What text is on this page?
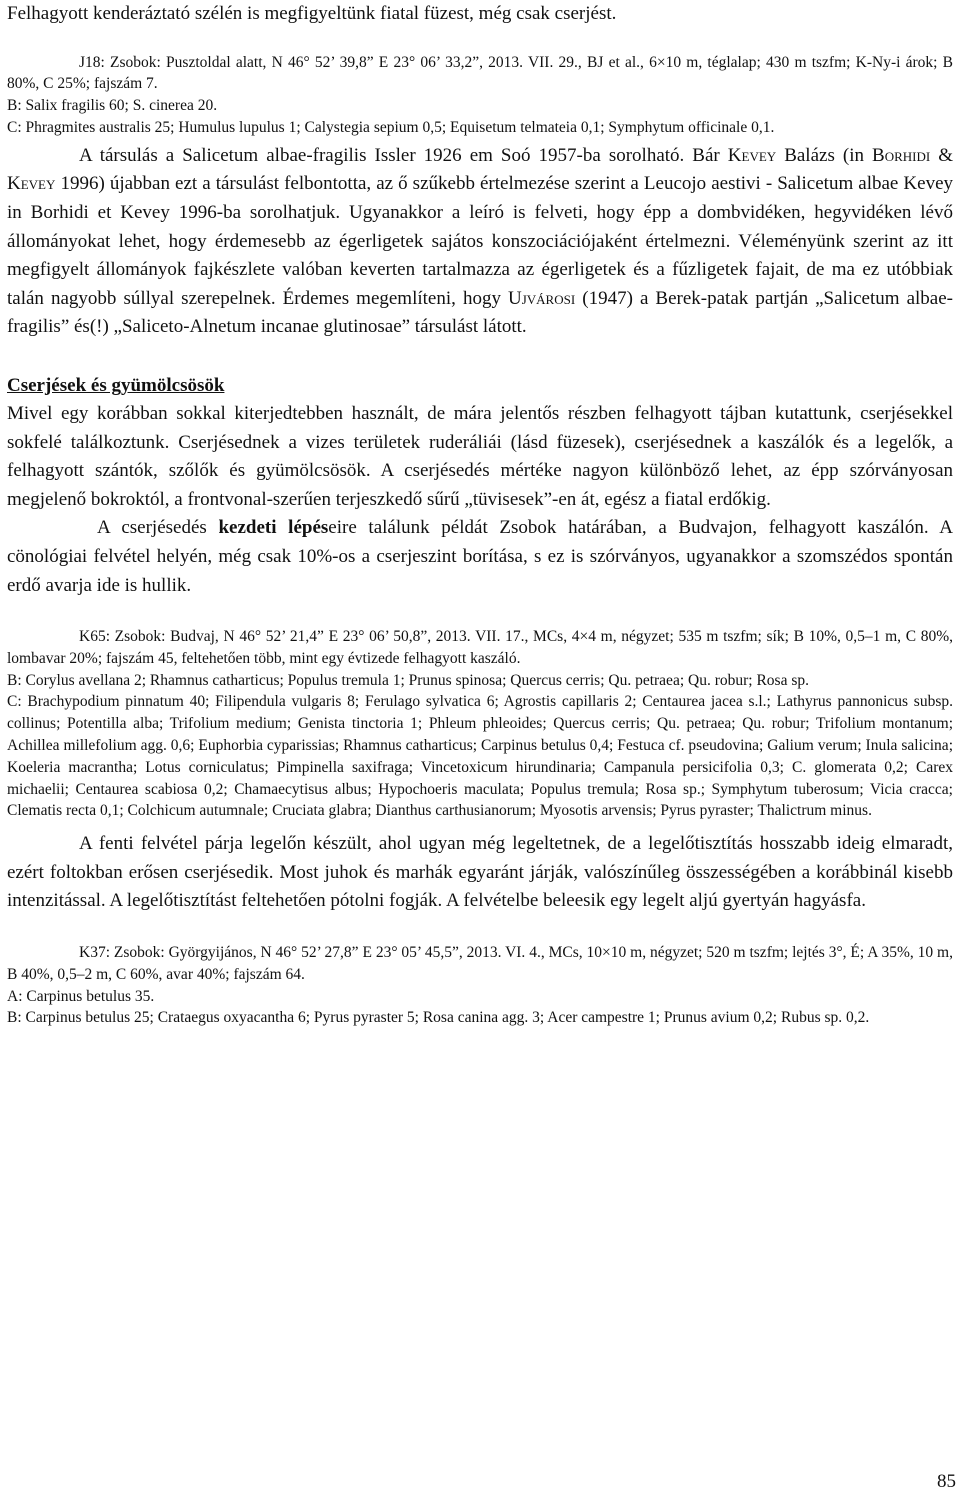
Felhagyott kenderáztató szélén is megfigyeltünk fiatal füzest, még csak cserjést.

J18: Zsobok: Pusztoldal alatt, N 46° 52’ 39,8” E 23° 06’ 33,2”, 2013. VII. 29., BJ et al., 6×10 m, téglalap; 430 m tszfm; K-Ny-i árok; B 80%, C 25%; fajszám 7.

B: Salix fragilis 60; S. cinerea 20.

C: Phragmites australis 25; Humulus lupulus 1; Calystegia sepium 0,5; Equisetum telmateia 0,1; Symphytum officinale 0,1.

A társulás a Salicetum albae-fragilis Issler 1926 em Soó 1957-ba sorolható. Bár Kevey Balázs (in Borhidi & Kevey 1996) újabban ezt a társulást felbontotta, az ő szűkebb értelmezése szerint a Leucojo aestivi - Salicetum albae Kevey in Borhidi et Kevey 1996-ba sorolhatjuk. Ugyanakkor a leíró is felveti, hogy épp a dombvidéken, hegyvidéken lévő állományokat lehet, hogy érdemesebb az égerligetek sajátos konszociációjaként értelmezni. Véleményünk szerint az itt megfigyelt állományok fajkészlete valóban keverten tartalmazza az égerligetek és a fűzligetek fajait, de ma ez utóbbiak talán nagyobb súllyal szerepelnek. Érdemes megemlíteni, hogy Ujvárosi (1947) a Berek-patak partján „Salicetum albae-fragilis” és(!) „Saliceto-Alnetum incanae glutinosae” társulást látott.

Cserjések és gyümölcsösök

Mivel egy korábban sokkal kiterjedtebben használt, de mára jelentős részben felhagyott tájban kutattunk, cserjésekkel sokfelé találkoztunk. Cserjésednek a vizes területek ruderáliái (lásd füzesek), cserjésednek a kaszálók és a legelők, a felhagyott szántók, szőlők és gyümölcsösök. A cserjésedés mértéke nagyon különböző lehet, az épp szórványosan megjelenő bokroktól, a frontvonal-szerűen terjeszkedő sűrű „tüvisesek”-en át, egész a fiatal erdőkig.

A cserjésedés kezdeti lépéseire találunk példát Zsobok határában, a Budvajon, felhagyott kaszálón. A cönológiai felvétel helyén, még csak 10%-os a cserjeszint borítása, s ez is szórványos, ugyanakkor a szomszédos spontán erdő avarja ide is hullik.

K65: Zsobok: Budvaj, N 46° 52’ 21,4” E 23° 06’ 50,8”, 2013. VII. 17., MCs, 4×4 m, négyzet; 535 m tszfm; sík; B 10%, 0,5–1 m, C 80%, lombavar 20%; fajszám 45, feltehetően több, mint egy évtizede felhagyott kaszáló.

B: Corylus avellana 2; Rhamnus catharticus; Populus tremula 1; Prunus spinosa; Quercus cerris; Qu. petraea; Qu. robur; Rosa sp.

C: Brachypodium pinnatum 40; Filipendula vulgaris 8; Ferulago sylvatica 6; Agrostis capillaris 2; Centaurea jacea s.l.; Lathyrus pannonicus subsp. collinus; Potentilla alba; Trifolium medium; Genista tinctoria 1; Phleum phleoides; Quercus cerris; Qu. petraea; Qu. robur; Trifolium montanum; Achillea millefolium agg. 0,6; Euphorbia cyparissias; Rhamnus catharticus; Carpinus betulus 0,4; Festuca cf. pseudovina; Galium verum; Inula salicina; Koeleria macrantha; Lotus corniculatus; Pimpinella saxifraga; Vincetoxicum hirundinaria; Campanula persicifolia 0,3; C. glomerata 0,2; Carex michaelii; Centaurea scabiosa 0,2; Chamaecytisus albus; Hypochoeris maculata; Populus tremula; Rosa sp.; Symphytum tuberosum; Vicia cracca; Clematis recta 0,1; Colchicum autumnale; Cruciata glabra; Dianthus carthusianorum; Myosotis arvensis; Pyrus pyraster; Thalictrum minus.

A fenti felvétel párja legelőn készült, ahol ugyan még legeltetnek, de a legelőtisztítás hosszabb ideig elmaradt, ezért foltokban erősen cserjésedik. Most juhok és marhák egyaránt járják, valószínűleg összességében a korábbinál kisebb intenzitással. A legelőtisztítást feltehetően pótolni fogják. A felvételbe beleesik egy legelt aljú gyertyán hagyásfa.

K37: Zsobok: Györgyijános, N 46° 52’ 27,8” E 23° 05’ 45,5”, 2013. VI. 4., MCs, 10×10 m, négyzet; 520 m tszfm; lejtés 3°, É; A 35%, 10 m, B 40%, 0,5–2 m, C 60%, avar 40%; fajszám 64.

A: Carpinus betulus 35.

B: Carpinus betulus 25; Crataegus oxyacantha 6; Pyrus pyraster 5; Rosa canina agg. 3; Acer campestre 1; Prunus avium 0,2; Rubus sp. 0,2.

85
